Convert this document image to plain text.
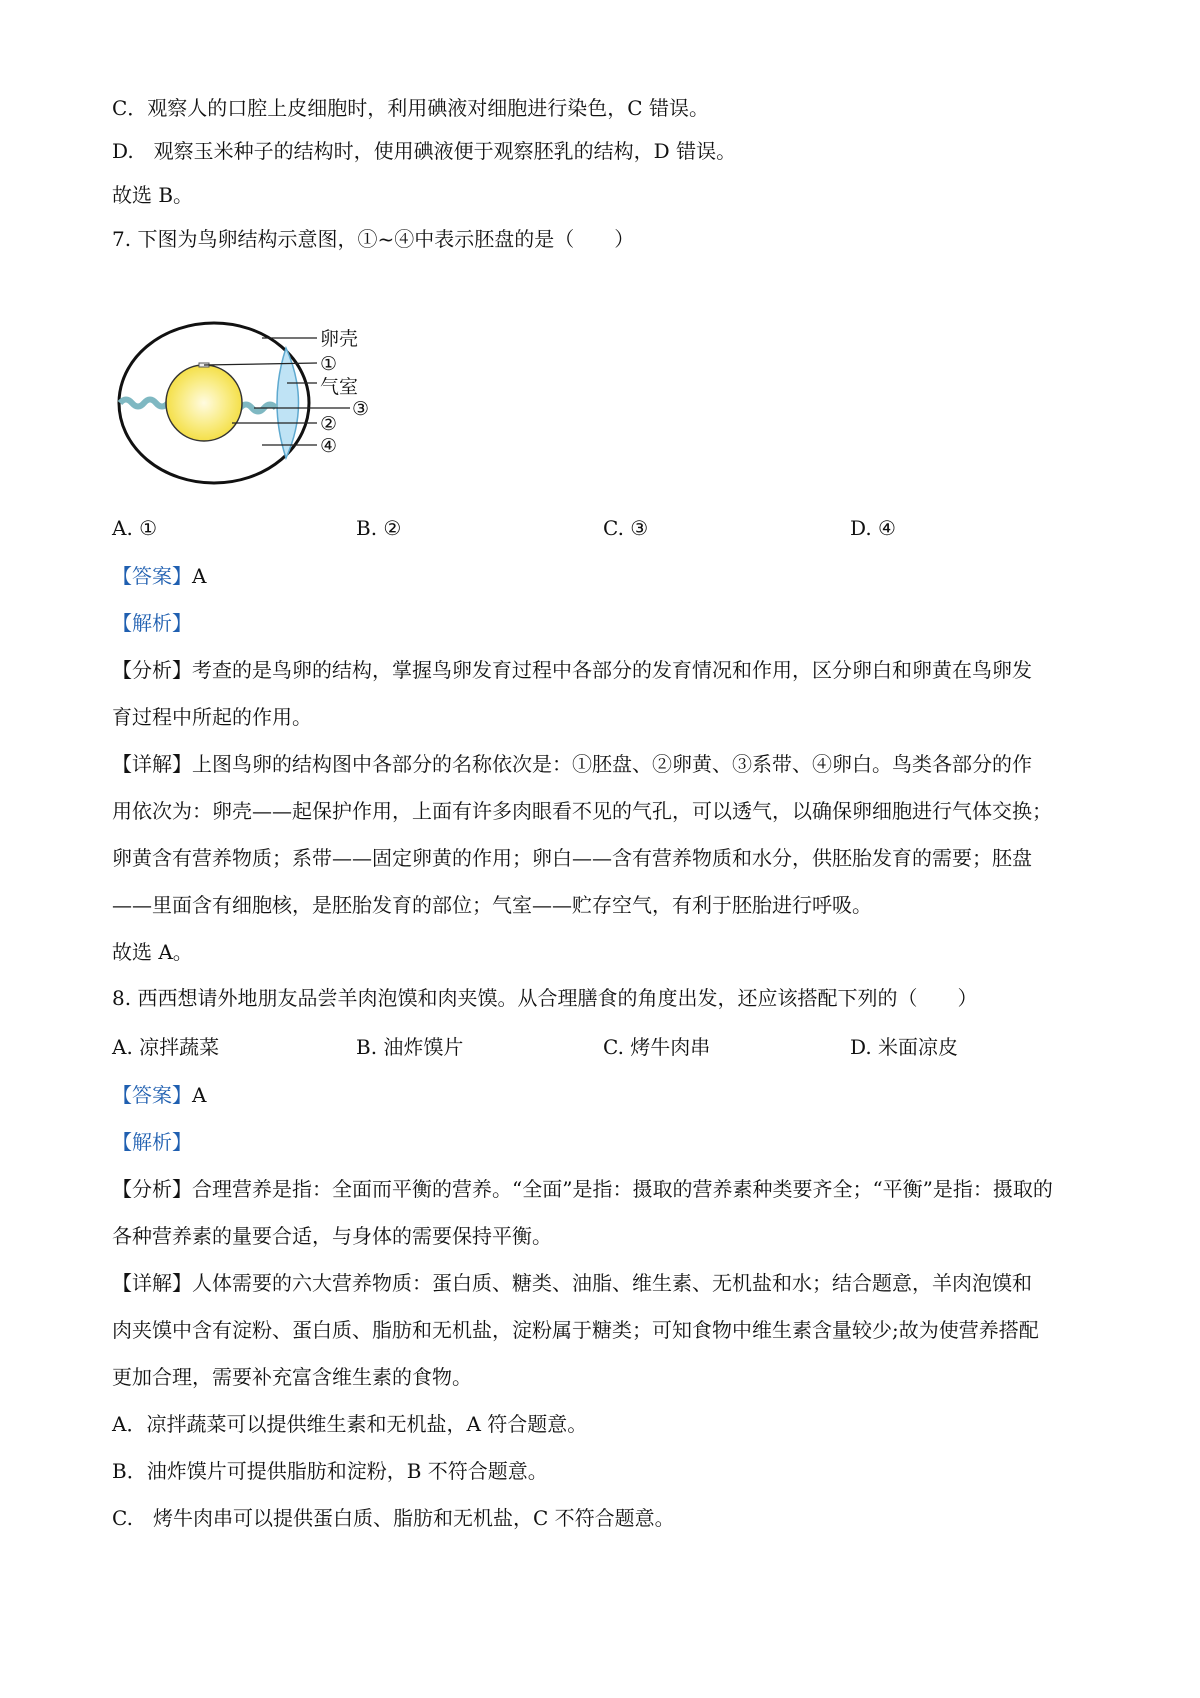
C．观察人的口腔上皮细胞时，利用碘液对细胞进行染色，C 错误。
D.　观察玉米种子的结构时，使用碘液便于观察胚乳的结构，D 错误。
故选 B。
7. 下图为鸟卵结构示意图，①~④中表示胚盘的是（　　）
卵壳
①
气室
③
②
④
A. ①	B. ②	C. ③	D. ④
【答案】A
【解析】
【分析】考查的是鸟卵的结构，掌握鸟卵发育过程中各部分的发育情况和作用，区分卵白和卵黄在鸟卵发
育过程中所起的作用。
【详解】上图鸟卵的结构图中各部分的名称依次是：①胚盘、②卵黄、③系带、④卵白。鸟类各部分的作
用依次为：卵壳——起保护作用，上面有许多肉眼看不见的气孔，可以透气，以确保卵细胞进行气体交换；
卵黄含有营养物质；系带——固定卵黄的作用；卵白——含有营养物质和水分，供胚胎发育的需要；胚盘
——里面含有细胞核，是胚胎发育的部位；气室——贮存空气，有利于胚胎进行呼吸。
故选 A。
8. 西西想请外地朋友品尝羊肉泡馍和肉夹馍。从合理膳食的角度出发，还应该搭配下列的（　　）
A. 凉拌蔬菜	B. 油炸馍片	C. 烤牛肉串	D. 米面凉皮
【答案】A
【解析】
【分析】合理营养是指：全面而平衡的营养。“全面”是指：摄取的营养素种类要齐全；“平衡”是指：摄取的
各种营养素的量要合适，与身体的需要保持平衡。
【详解】人体需要的六大营养物质：蛋白质、糖类、油脂、维生素、无机盐和水；结合题意，羊肉泡馍和
肉夹馍中含有淀粉、蛋白质、脂肪和无机盐，淀粉属于糖类；可知食物中维生素含量较少;故为使营养搭配
更加合理，需要补充富含维生素的食物。
A．凉拌蔬菜可以提供维生素和无机盐，A 符合题意。
B．油炸馍片可提供脂肪和淀粉，B 不符合题意。
C.　烤牛肉串可以提供蛋白质、脂肪和无机盐，C 不符合题意。
